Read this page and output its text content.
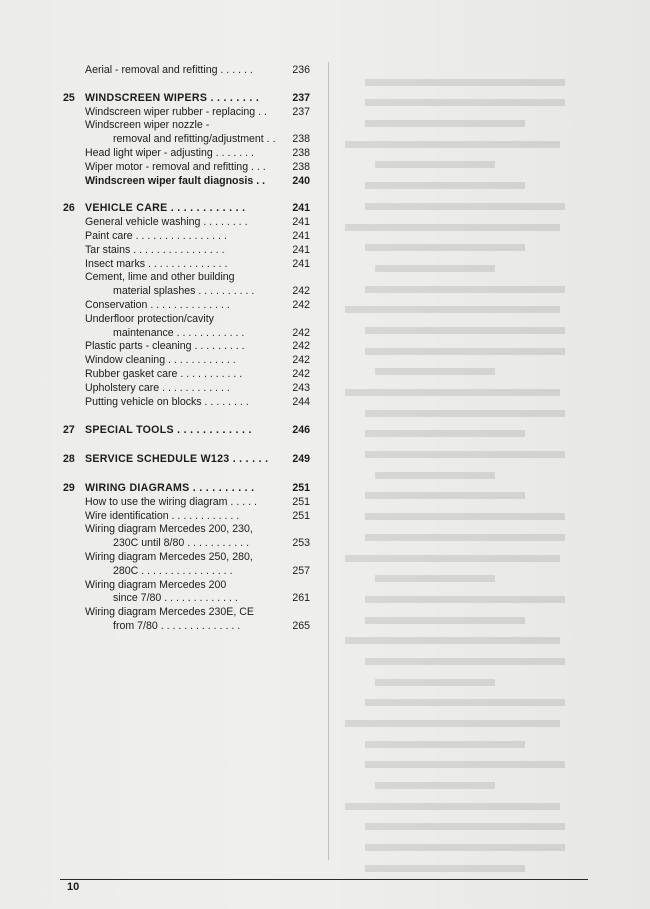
Aerial - removal and refitting . . . . . .	236
25 WINDSCREEN WIPERS . . . . . . . .	237
Windscreen wiper rubber - replacing . . 237
Windscreen wiper nozzle -
removal and refitting/adjustment . . 238
Head light wiper - adjusting . . . . . . .	238
Wiper motor - removal and refitting . . .	238
Windscreen wiper fault diagnosis . .	240
26 VEHICLE CARE . . . . . . . . . . . .	241
General vehicle washing . . . . . . . .	241
Paint care . . . . . . . . . . . . . . . .	241
Tar stains . . . . . . . . . . . . . . . .	241
Insect marks . . . . . . . . . . . . . .	241
Cement, lime and other building
material splashes . . . . . . . . . .	242
Conservation . . . . . . . . . . . . . .	242
Underfloor protection/cavity
maintenance . . . . . . . . . . . .	242
Plastic parts - cleaning . . . . . . . . .	242
Window cleaning . . . . . . . . . . . .	242
Rubber gasket care . . . . . . . . . . .	242
Upholstery care . . . . . . . . . . . .	243
Putting vehicle on blocks . . . . . . . .	244
27 SPECIAL TOOLS . . . . . . . . . . . .	246
28 SERVICE SCHEDULE W123 . . . . . . 249
29 WIRING DIAGRAMS . . . . . . . . . .	251
How to use the wiring diagram . . . . .	251
Wire identification . . . . . . . . . . . .	251
Wiring diagram Mercedes 200, 230,
230C until 8/80 . . . . . . . . . . .	253
Wiring diagram Mercedes 250, 280,
280C . . . . . . . . . . . . . . . .	257
Wiring diagram Mercedes 200
since 7/80 . . . . . . . . . . . . .	261
Wiring diagram Mercedes 230E, CE
from 7/80 . . . . . . . . . . . . . .	265
10
